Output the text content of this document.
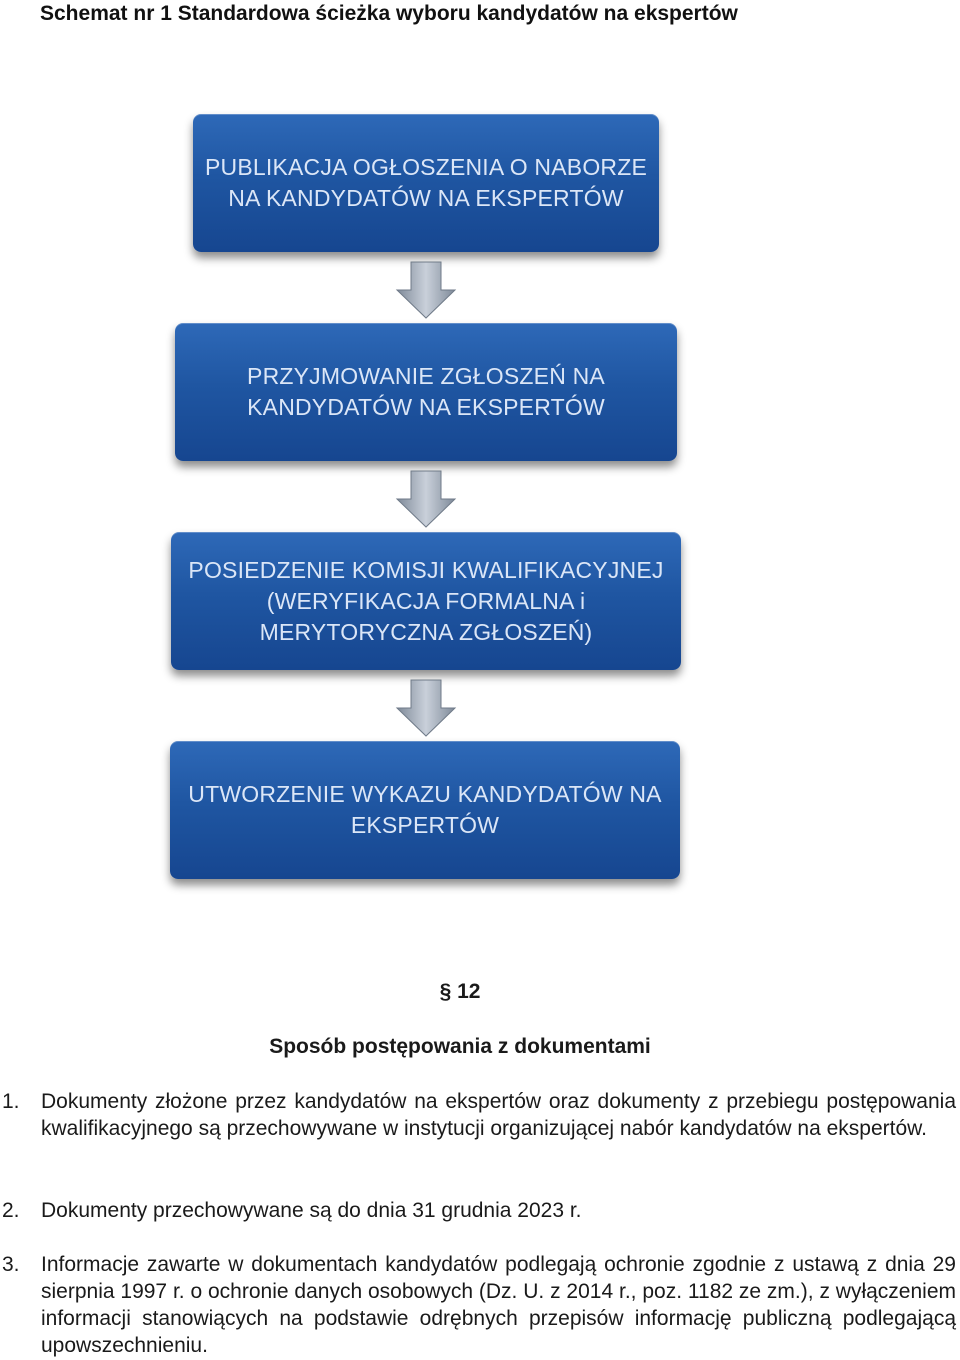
Schemat nr 1 Standardowa ścieżka wyboru kandydatów na ekspertów
PUBLIKACJA OGŁOSZENIA O NABORZE
NA KANDYDATÓW NA EKSPERTÓW
PRZYJMOWANIE ZGŁOSZEŃ NA
KANDYDATÓW NA EKSPERTÓW
POSIEDZENIE KOMISJI KWALIFIKACYJNEJ
(WERYFIKACJA FORMALNA i
MERYTORYCZNA ZGŁOSZEŃ)
UTWORZENIE WYKAZU KANDYDATÓW NA
EKSPERTÓW
§ 12
Sposób postępowania z dokumentami
1. Dokumenty złożone przez kandydatów na ekspertów oraz dokumenty z przebiegu postępowania kwalifikacyjnego są przechowywane w instytucji organizującej nabór kandydatów na ekspertów.
2. Dokumenty przechowywane są do dnia 31 grudnia 2023 r.
3. Informacje zawarte w dokumentach kandydatów podlegają ochronie zgodnie z ustawą z dnia 29 sierpnia 1997 r. o ochronie danych osobowych (Dz. U. z 2014 r., poz. 1182 ze zm.), z wyłączeniem informacji stanowiących na podstawie odrębnych przepisów informację publiczną podlegającą upowszechnieniu.
